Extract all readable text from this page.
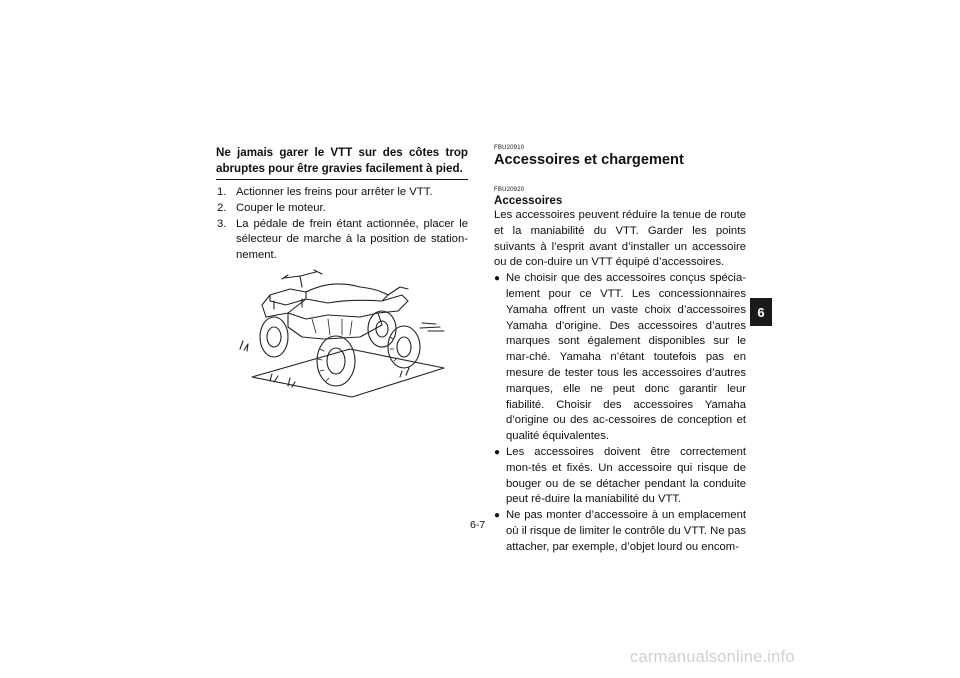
Ne jamais garer le VTT sur des côtes trop abruptes pour être gravies facilement à pied.
1. Actionner les freins pour arrêter le VTT.
2. Couper le moteur.
3. La pédale de frein étant actionnée, placer le sélecteur de marche à la position de station-nement.
FBU20910
Accessoires et chargement
FBU20920
Accessoires
Les accessoires peuvent réduire la tenue de route et la maniabilité du VTT. Garder les points suivants à l’esprit avant d’installer un accessoire ou de con-duire un VTT équipé d’accessoires.
● Ne choisir que des accessoires conçus spécia-lement pour ce VTT. Les concessionnaires Yamaha offrent un vaste choix d’accessoires Yamaha d’origine. Des accessoires d’autres marques sont également disponibles sur le mar-ché. Yamaha n’étant toutefois pas en mesure de tester tous les accessoires d’autres marques, elle ne peut donc garantir leur fiabilité. Choisir des accessoires Yamaha d’origine ou des ac-cessoires de conception et qualité équivalentes.
● Les accessoires doivent être correctement mon-tés et fixés. Un accessoire qui risque de bouger ou de se détacher pendant la conduite peut ré-duire la maniabilité du VTT.
● Ne pas monter d’accessoire à un emplacement où il risque de limiter le contrôle du VTT. Ne pas attacher, par exemple, d’objet lourd ou encom-
6
6-7
carmanualsonline.info
